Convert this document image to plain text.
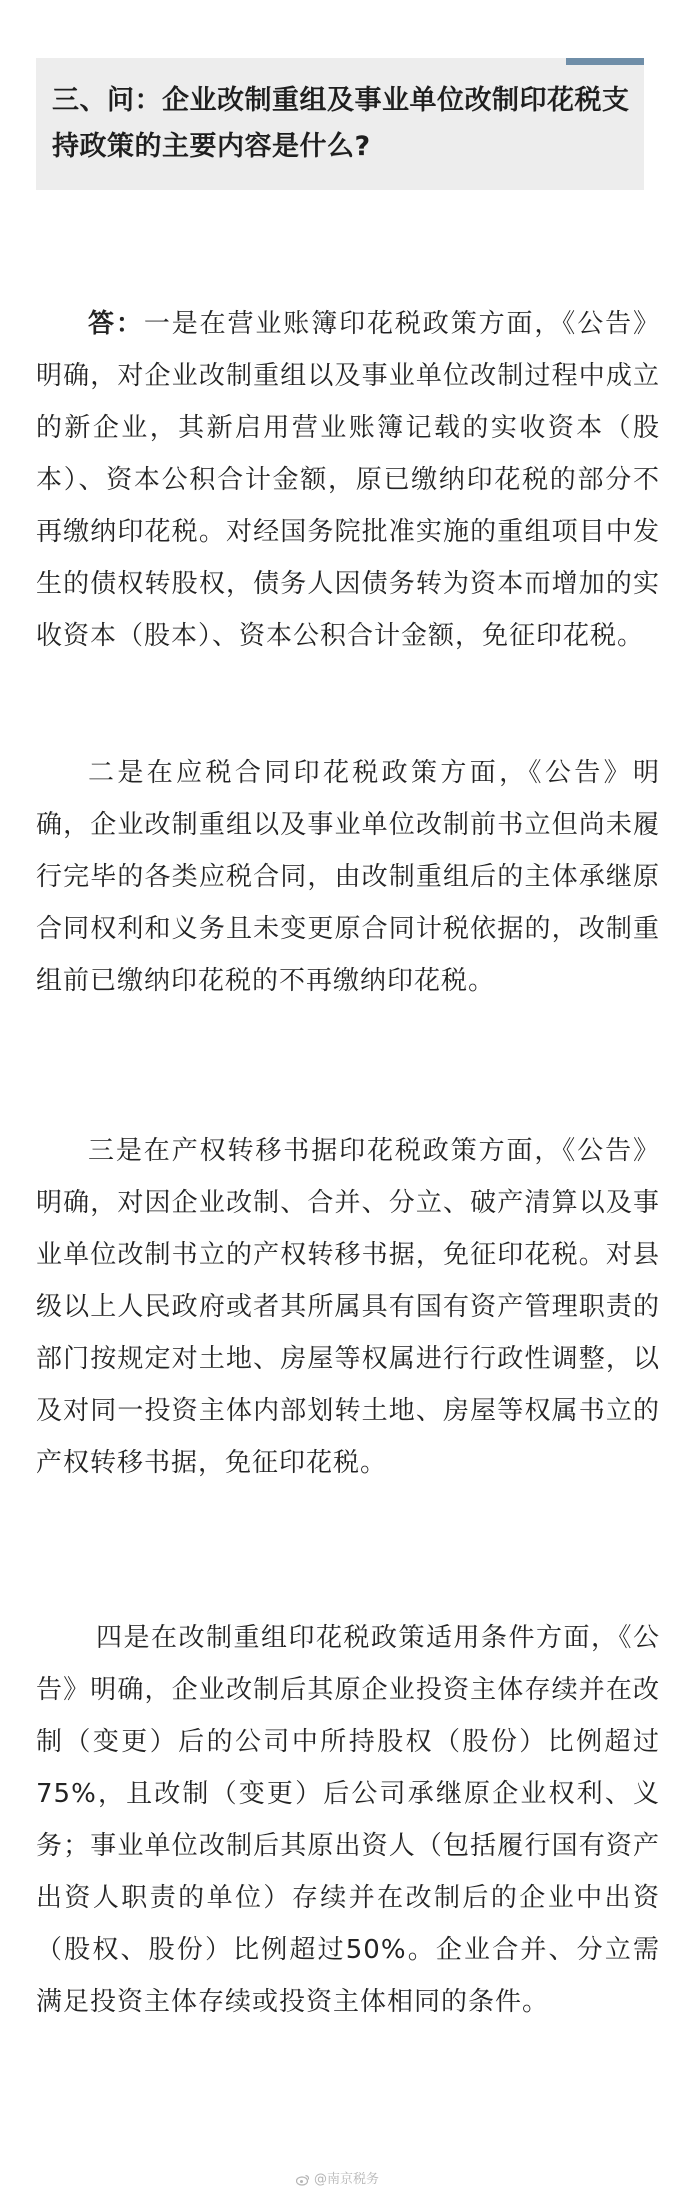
三、问：企业改制重组及事业单位改制印花税支持政策的主要内容是什么?

答：一是在营业账簿印花税政策方面，《公告》明确，对企业改制重组以及事业单位改制过程中成立的新企业，其新启用营业账簿记载的实收资本（股本）、资本公积合计金额，原已缴纳印花税的部分不再缴纳印花税。对经国务院批准实施的重组项目中发生的债权转股权，债务人因债务转为资本而增加的实收资本（股本）、资本公积合计金额，免征印花税。

二是在应税合同印花税政策方面，《公告》明确，企业改制重组以及事业单位改制前书立但尚未履行完毕的各类应税合同，由改制重组后的主体承继原合同权利和义务且未变更原合同计税依据的，改制重组前已缴纳印花税的不再缴纳印花税。

三是在产权转移书据印花税政策方面，《公告》明确，对因企业改制、合并、分立、破产清算以及事业单位改制书立的产权转移书据，免征印花税。对县级以上人民政府或者其所属具有国有资产管理职责的部门按规定对土地、房屋等权属进行行政性调整，以及对同一投资主体内部划转土地、房屋等权属书立的产权转移书据，免征印花税。

四是在改制重组印花税政策适用条件方面，《公告》明确，企业改制后其原企业投资主体存续并在改制（变更）后的公司中所持股权（股份）比例超过75%，且改制（变更）后公司承继原企业权利、义务；事业单位改制后其原出资人（包括履行国有资产出资人职责的单位）存续并在改制后的企业中出资（股权、股份）比例超过50%。企业合并、分立需满足投资主体存续或投资主体相同的条件。

@南京税务
